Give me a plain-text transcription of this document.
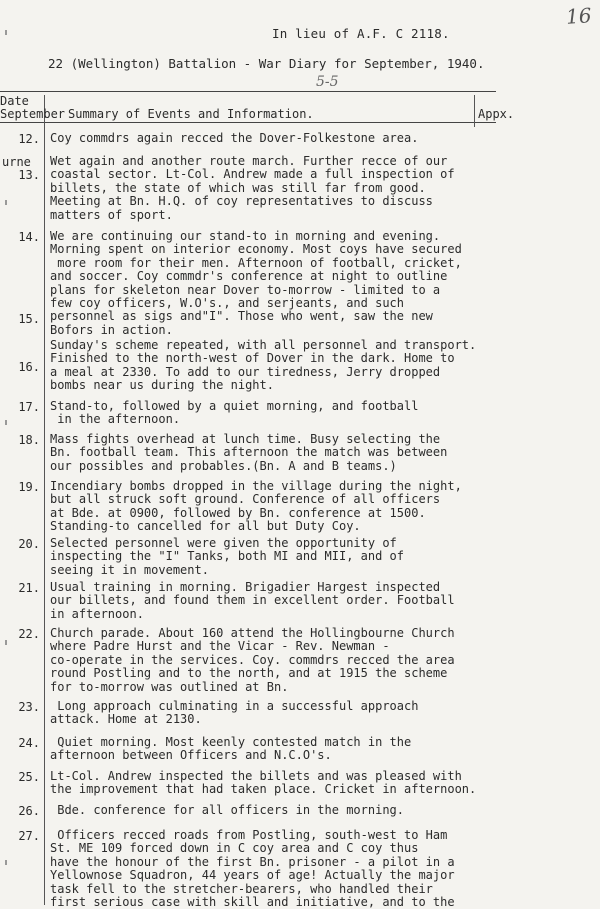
16
In lieu of A.F. C 2118.
22 (Wellington) Battalion - War Diary for September, 1940.
5-5
Date
September Summary of Events and Information.	Appx.
12. Coy commdrs again recced the Dover-Folkestone area.
urne
13.
Wet again and another route march. Further recce of our
coastal sector. Lt-Col. Andrew made a full inspection of
billets, the state of which was still far from good.
Meeting at Bn. H.Q. of coy representatives to discuss
matters of sport.
14. We are continuing our stand-to in morning and evening.
Morning spent on interior economy. Most coys have secured
more room for their men. Afternoon of football, cricket,
and soccer. Coy commdr's conference at night to outline
plans for skeleton near Dover to-morrow - limited to a
few coy officers, W.O's., and serjeants, and such
personnel as sigs and"I". Those who went, saw the new
Bofors in action.
15.
16.
Sunday's scheme repeated, with all personnel and transport.
Finished to the north-west of Dover in the dark. Home to
a meal at 2330. To add to our tiredness, Jerry dropped
bombs near us during the night.
17. Stand-to, followed by a quiet morning, and football
in the afternoon.
18. Mass fights overhead at lunch time. Busy selecting the
Bn. football team. This afternoon the match was between
our possibles and probables.(Bn. A and B teams.)
19. Incendiary bombs dropped in the village during the night,
but all struck soft ground. Conference of all officers
at Bde. at 0900, followed by Bn. conference at 1500.
Standing-to cancelled for all but Duty Coy.
20. Selected personnel were given the opportunity of
inspecting the "I" Tanks, both MI and MII, and of
seeing it in movement.
21. Usual training in morning. Brigadier Hargest inspected
our billets, and found them in excellent order. Football
in afternoon.
22. Church parade. About 160 attend the Hollingbourne Church
where Padre Hurst and the Vicar - Rev. Newman -
co-operate in the services. Coy. commdrs recced the area
round Postling and to the north, and at 1915 the scheme
for to-morrow was outlined at Bn.
23. Long approach culminating in a successful approach
attack. Home at 2130.
24. Quiet morning. Most keenly contested match in the
afternoon between Officers and N.C.O's.
25. Lt-Col. Andrew inspected the billets and was pleased with
the improvement that had taken place. Cricket in afternoon.
26. Bde. conference for all officers in the morning.
27. Officers recced roads from Postling, south-west to Ham
St. ME 109 forced down in C coy area and C coy thus
have the honour of the first Bn. prisoner - a pilot in a
Yellownose Squadron, 44 years of age! Actually the major
task fell to the stretcher-bearers, who handled their
first serious case with skill and initiative, and to the
